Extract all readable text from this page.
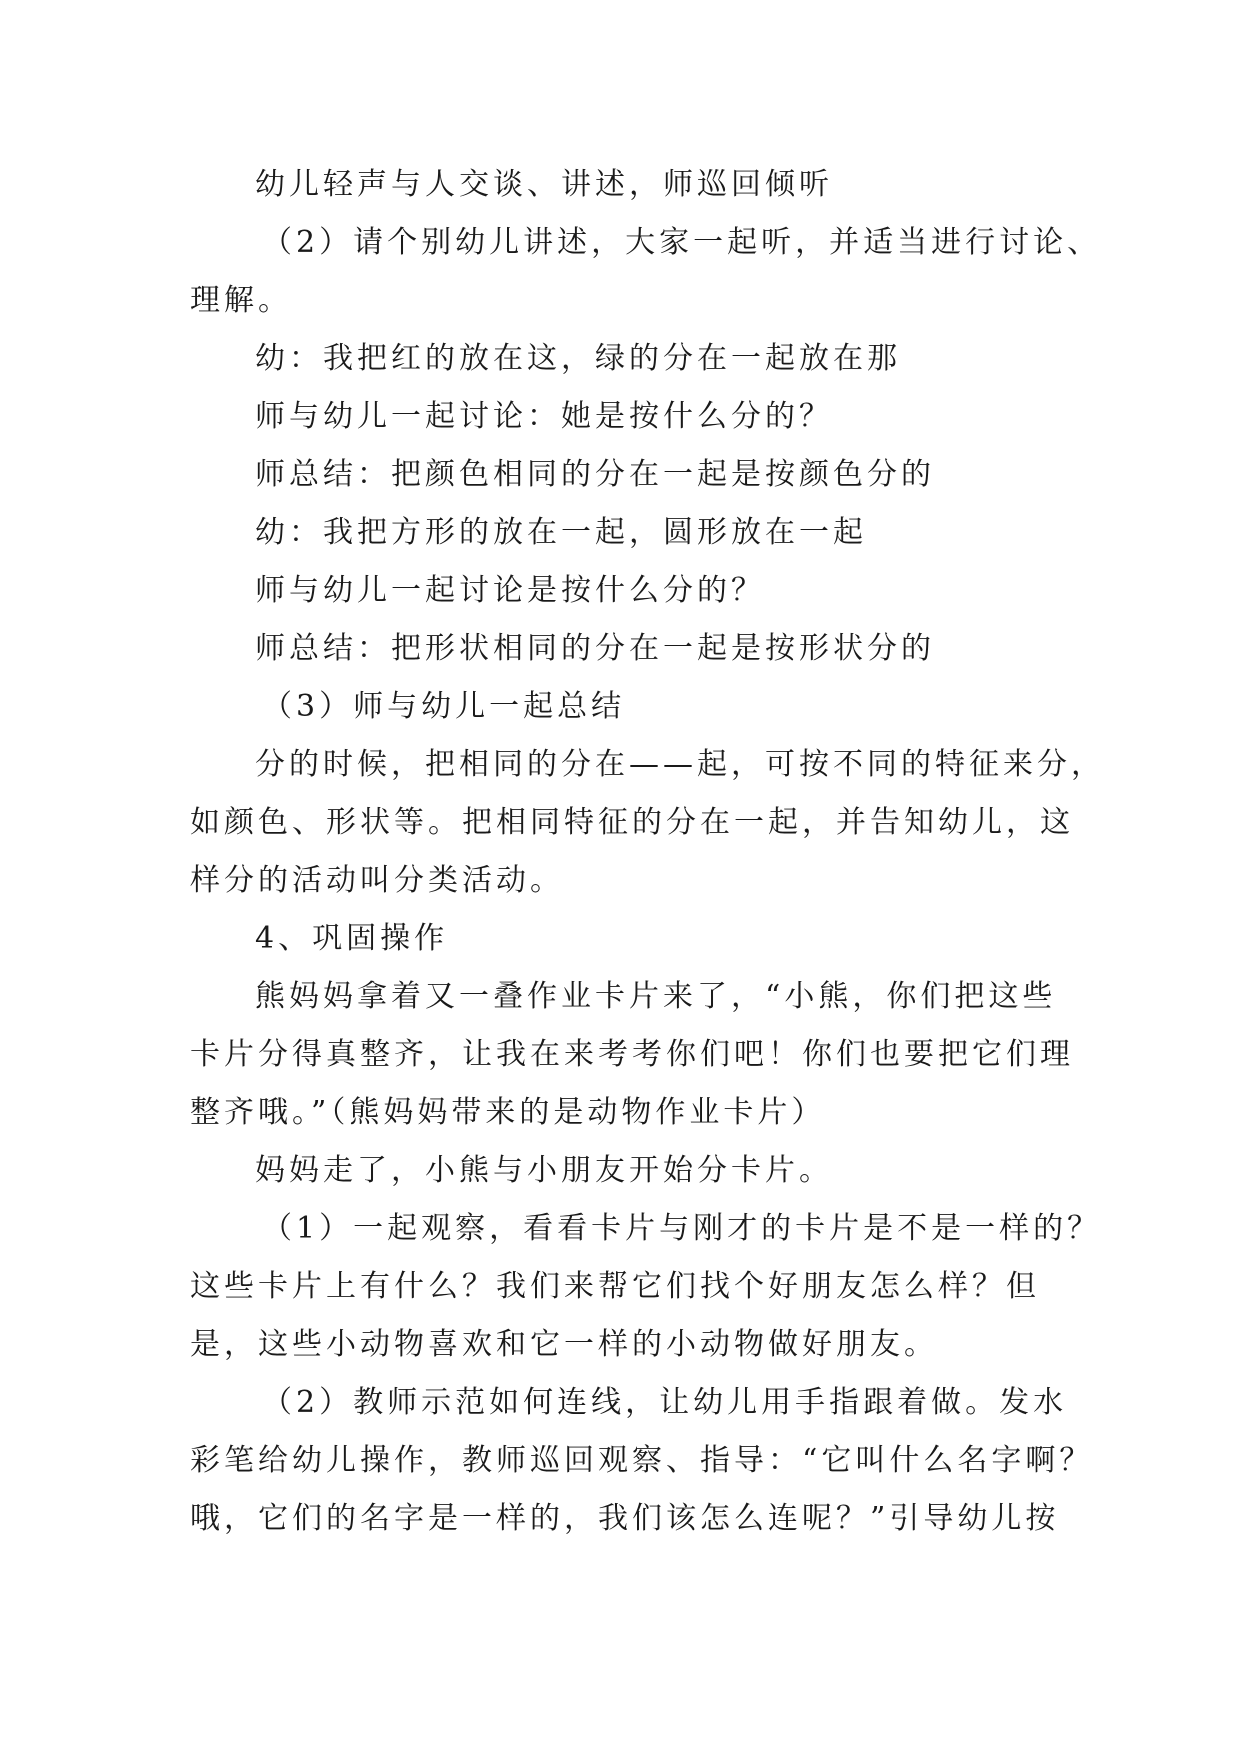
幼儿轻声与人交谈、讲述，师巡回倾听
（2）请个别幼儿讲述，大家一起听，并适当进行讨论、
理解。
幼：我把红的放在这，绿的分在一起放在那
师与幼儿一起讨论：她是按什么分的？
师总结：把颜色相同的分在一起是按颜色分的
幼：我把方形的放在一起，圆形放在一起
师与幼儿一起讨论是按什么分的？
师总结：把形状相同的分在一起是按形状分的
（3）师与幼儿一起总结
分的时候，把相同的分在——起，可按不同的特征来分，
如颜色、形状等。把相同特征的分在一起，并告知幼儿，这
样分的活动叫分类活动。
4、巩固操作
熊妈妈拿着又一叠作业卡片来了，“小熊，你们把这些
卡片分得真整齐，让我在来考考你们吧！你们也要把它们理
整齐哦。”（熊妈妈带来的是动物作业卡片）
妈妈走了，小熊与小朋友开始分卡片。
（1）一起观察，看看卡片与刚才的卡片是不是一样的？
这些卡片上有什么？我们来帮它们找个好朋友怎么样？但
是，这些小动物喜欢和它一样的小动物做好朋友。
（2）教师示范如何连线，让幼儿用手指跟着做。发水
彩笔给幼儿操作，教师巡回观察、指导：“它叫什么名字啊？
哦，它们的名字是一样的，我们该怎么连呢？”引导幼儿按
